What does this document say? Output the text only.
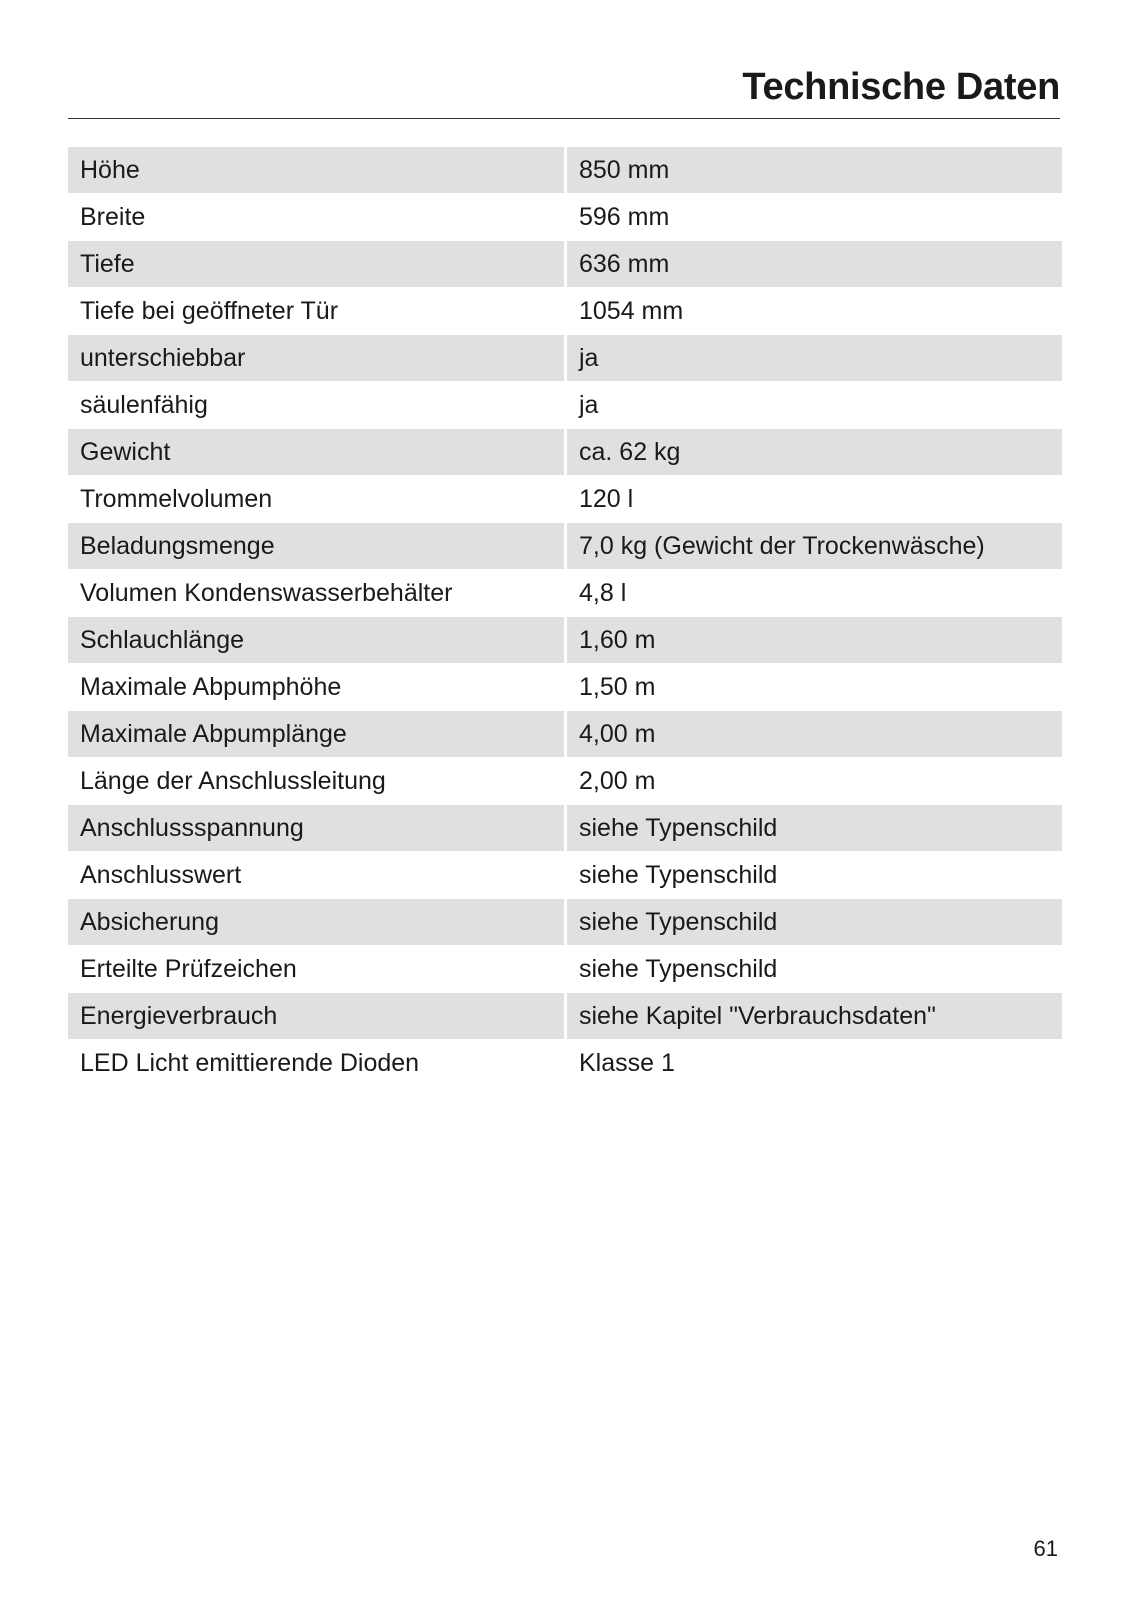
Technische Daten
Höhe	850 mm
Breite	596 mm
Tiefe	636 mm
Tiefe bei geöffneter Tür	1054 mm
unterschiebbar	ja
säulenfähig	ja
Gewicht	ca. 62 kg
Trommelvolumen	120 l
Beladungsmenge	7,0 kg (Gewicht der Trockenwäsche)
Volumen Kondenswasserbehälter	4,8 l
Schlauchlänge	1,60 m
Maximale Abpumphöhe	1,50 m
Maximale Abpumplänge	4,00 m
Länge der Anschlussleitung	2,00 m
Anschlussspannung	siehe Typenschild
Anschlusswert	siehe Typenschild
Absicherung	siehe Typenschild
Erteilte Prüfzeichen	siehe Typenschild
Energieverbrauch	siehe Kapitel "Verbrauchsdaten"
LED Licht emittierende Dioden	Klasse 1
61
